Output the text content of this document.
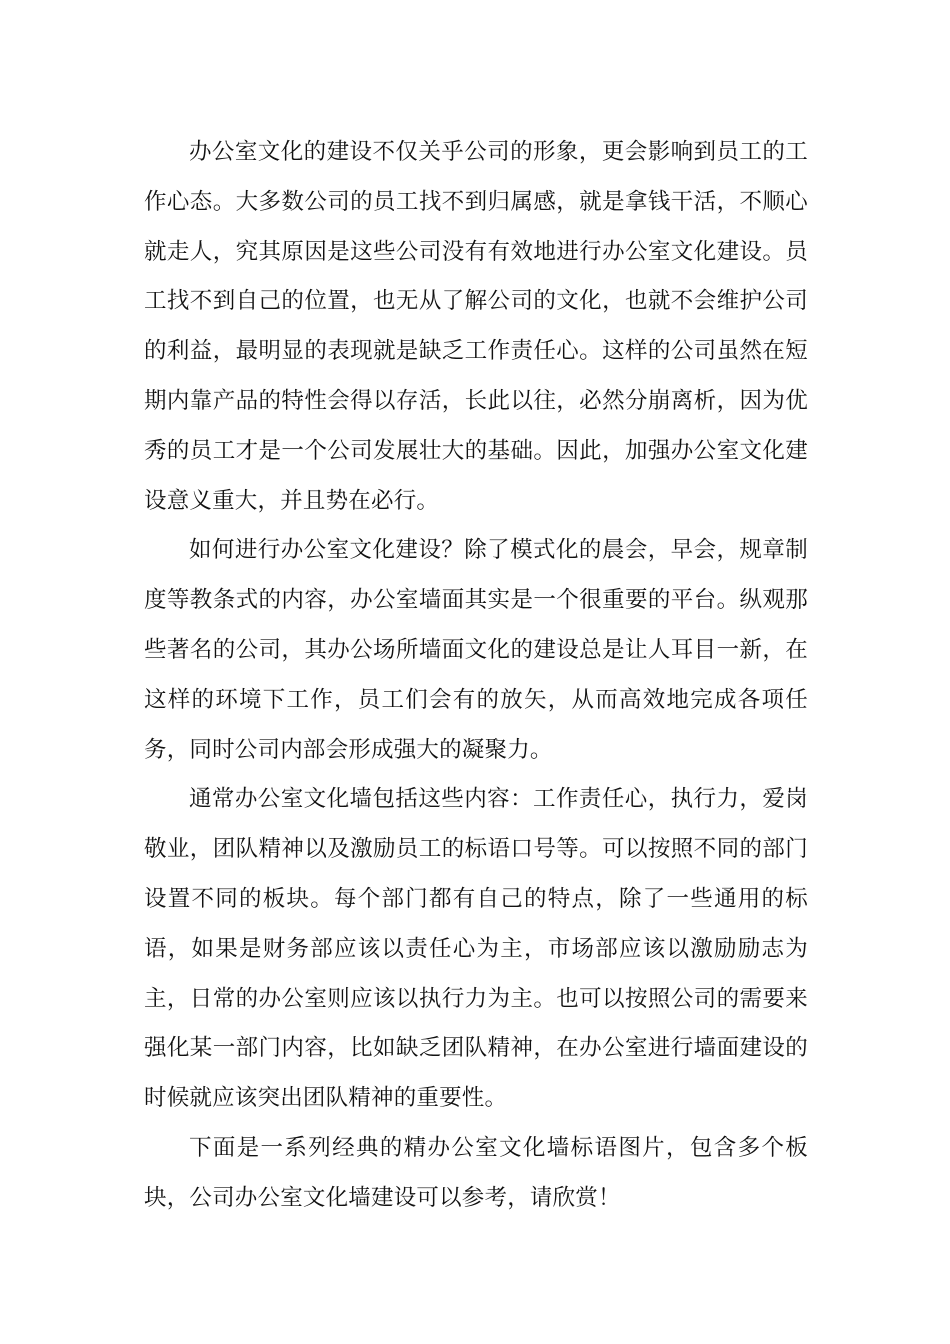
办公室文化的建设不仅关乎公司的形象，更会影响到员工的工作心态。大多数公司的员工找不到归属感，就是拿钱干活，不顺心就走人，究其原因是这些公司没有有效地进行办公室文化建设。员工找不到自己的位置，也无从了解公司的文化，也就不会维护公司的利益，最明显的表现就是缺乏工作责任心。这样的公司虽然在短期内靠产品的特性会得以存活，长此以往，必然分崩离析，因为优秀的员工才是一个公司发展壮大的基础。因此，加强办公室文化建设意义重大，并且势在必行。

如何进行办公室文化建设？除了模式化的晨会，早会，规章制度等教条式的内容，办公室墙面其实是一个很重要的平台。纵观那些著名的公司，其办公场所墙面文化的建设总是让人耳目一新，在这样的环境下工作，员工们会有的放矢，从而高效地完成各项任务，同时公司内部会形成强大的凝聚力。

通常办公室文化墙包括这些内容：工作责任心，执行力，爱岗敬业，团队精神以及激励员工的标语口号等。可以按照不同的部门设置不同的板块。每个部门都有自己的特点，除了一些通用的标语，如果是财务部应该以责任心为主，市场部应该以激励励志为主，日常的办公室则应该以执行力为主。也可以按照公司的需要来强化某一部门内容，比如缺乏团队精神，在办公室进行墙面建设的时候就应该突出团队精神的重要性。

下面是一系列经典的精办公室文化墙标语图片，包含多个板块，公司办公室文化墙建设可以参考，请欣赏！
